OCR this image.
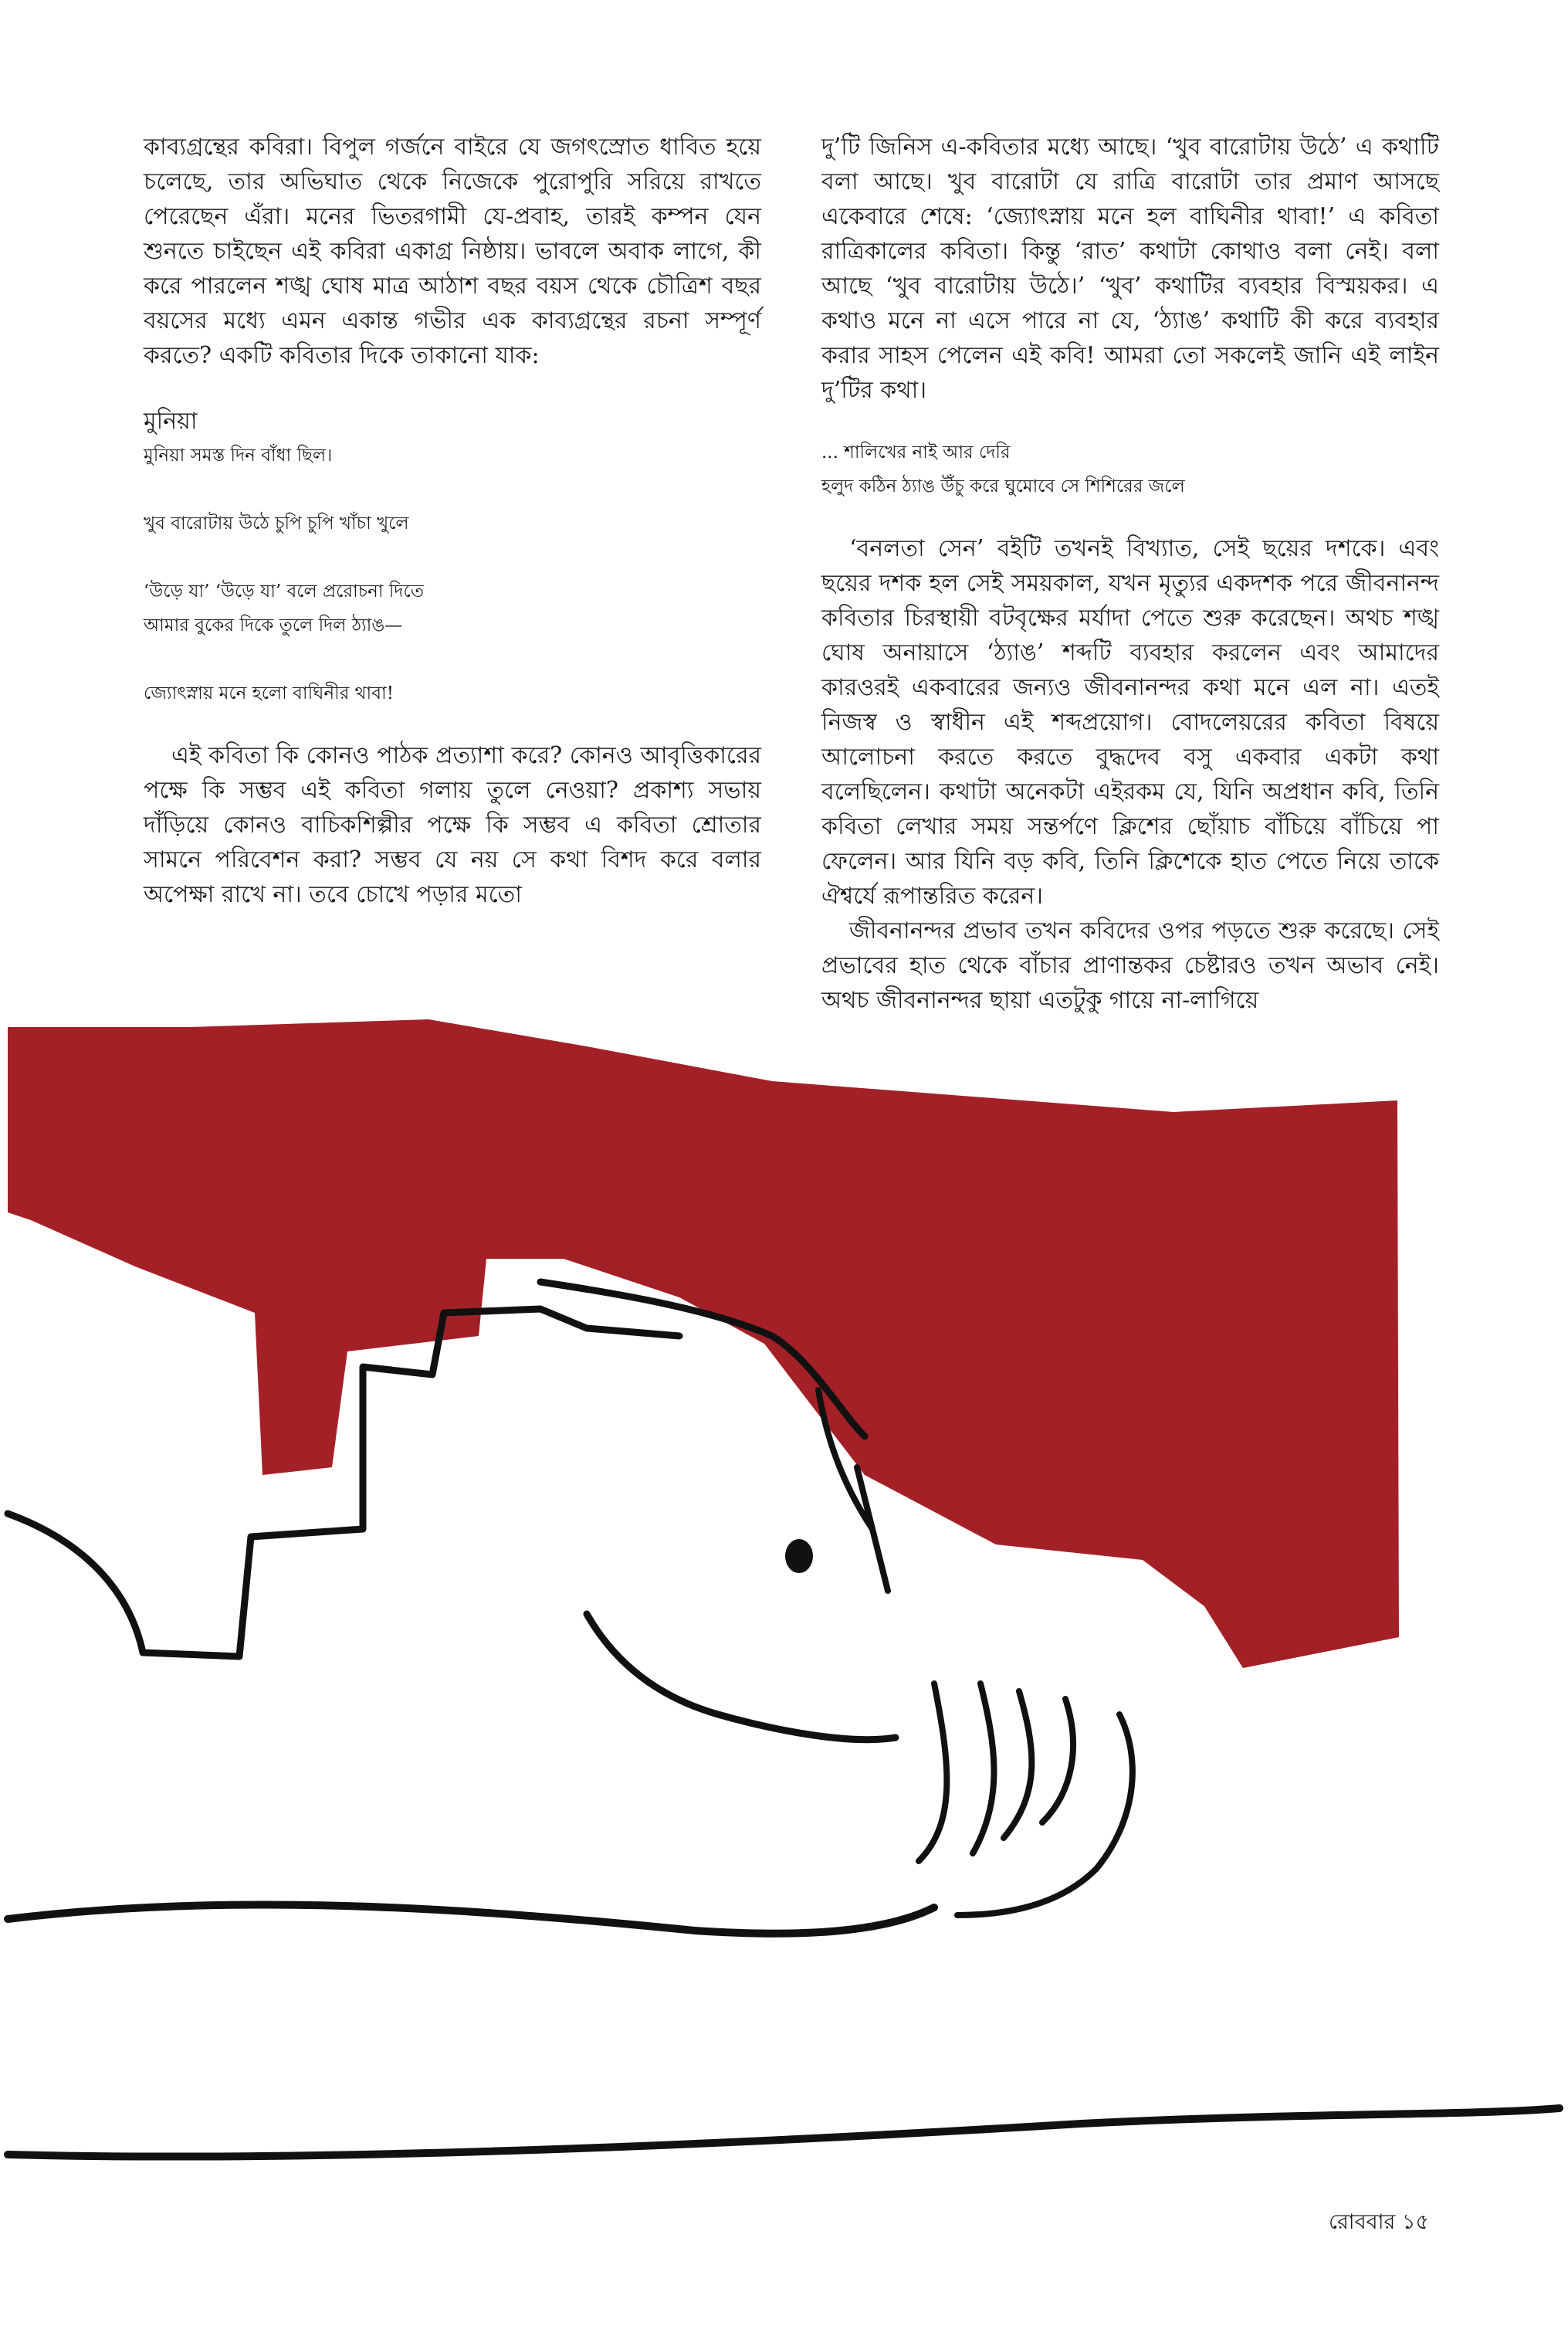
কাব্যগ্রন্থের কবিরা। বিপুল গর্জনে বাইরে যে জগৎস্রোত ধাবিত হয়ে চলেছে, তার অভিঘাত থেকে নিজেকে পুরোপুরি সরিয়ে রাখতে পেরেছেন এঁরা। মনের ভিতরগামী যে-প্রবাহ, তারই কম্পন যেন শুনতে চাইছেন এই কবিরা একাগ্র নিষ্ঠায়। ভাবলে অবাক লাগে, কী করে পারলেন শঙ্খ ঘোষ মাত্র আঠাশ বছর বয়স থেকে চৌত্রিশ বছর বয়সের মধ্যে এমন একান্ত গভীর এক কাব্যগ্রন্থের রচনা সম্পূর্ণ করতে? একটি কবিতার দিকে তাকানো যাক:

মুনিয়া

মুনিয়া সমস্ত দিন বাঁধা ছিল।

খুব বারোটায় উঠে চুপি চুপি খাঁচা খুলে

‘উড়ে যা’ ‘উড়ে যা’ বলে প্ররোচনা দিতে

আমার বুকের দিকে তুলে দিল ঠ্যাঙ—

জ্যোৎস্নায় মনে হলো বাঘিনীর থাবা!

এই কবিতা কি কোনও পাঠক প্রত্যাশা করে? কোনও আবৃত্তিকারের পক্ষে কি সম্ভব এই কবিতা গলায় তুলে নেওয়া? প্রকাশ্য সভায় দাঁড়িয়ে কোনও বাচিকশিল্পীর পক্ষে কি সম্ভব এ কবিতা শ্রোতার সামনে পরিবেশন করা? সম্ভব যে নয় সে কথা বিশদ করে বলার অপেক্ষা রাখে না। তবে চোখে পড়ার মতো

দু’টি জিনিস এ-কবিতার মধ্যে আছে। ‘খুব বারোটায় উঠে’ এ কথাটি বলা আছে। খুব বারোটা যে রাত্রি বারোটা তার প্রমাণ আসছে একেবারে শেষে: ‘জ্যোৎস্নায় মনে হল বাঘিনীর থাবা!’ এ কবিতা রাত্রিকালের কবিতা। কিন্তু ‘রাত’ কথাটা কোথাও বলা নেই। বলা আছে ‘খুব বারোটায় উঠে।’ ‘খুব’ কথাটির ব্যবহার বিস্ময়কর। এ কথাও মনে না এসে পারে না যে, ‘ঠ্যাঙ’ কথাটি কী করে ব্যবহার করার সাহস পেলেন এই কবি! আমরা তো সকলেই জানি এই লাইন দু’টির কথা।

... শালিখের নাই আর দেরি

হলুদ কঠিন ঠ্যাঙ উঁচু করে ঘুমোবে সে শিশিরের জলে

‘বনলতা সেন’ বইটি তখনই বিখ্যাত, সেই ছয়ের দশকে। এবং ছয়ের দশক হল সেই সময়কাল, যখন মৃত্যুর একদশক পরে জীবনানন্দ কবিতার চিরস্থায়ী বটবৃক্ষের মর্যাদা পেতে শুরু করেছেন। অথচ শঙ্খ ঘোষ অনায়াসে ‘ঠ্যাঙ’ শব্দটি ব্যবহার করলেন এবং আমাদের কারওরই একবারের জন্যও জীবনানন্দর কথা মনে এল না। এতই নিজস্ব ও স্বাধীন এই শব্দপ্রয়োগ। বোদলেয়রের কবিতা বিষয়ে আলোচনা করতে করতে বুদ্ধদেব বসু একবার একটা কথা বলেছিলেন। কথাটা অনেকটা এইরকম যে, যিনি অপ্রধান কবি, তিনি কবিতা লেখার সময় সন্তর্পণে ক্লিশের ছোঁয়াচ বাঁচিয়ে বাঁচিয়ে পা ফেলেন। আর যিনি বড় কবি, তিনি ক্লিশেকে হাত পেতে নিয়ে তাকে ঐশ্বর্যে রূপান্তরিত করেন।

জীবনানন্দর প্রভাব তখন কবিদের ওপর পড়তে শুরু করেছে। সেই প্রভাবের হাত থেকে বাঁচার প্রাণান্তকর চেষ্টারও তখন অভাব নেই। অথচ জীবনানন্দর ছায়া এতটুকু গায়ে না-লাগিয়ে

রোববার ১৫
